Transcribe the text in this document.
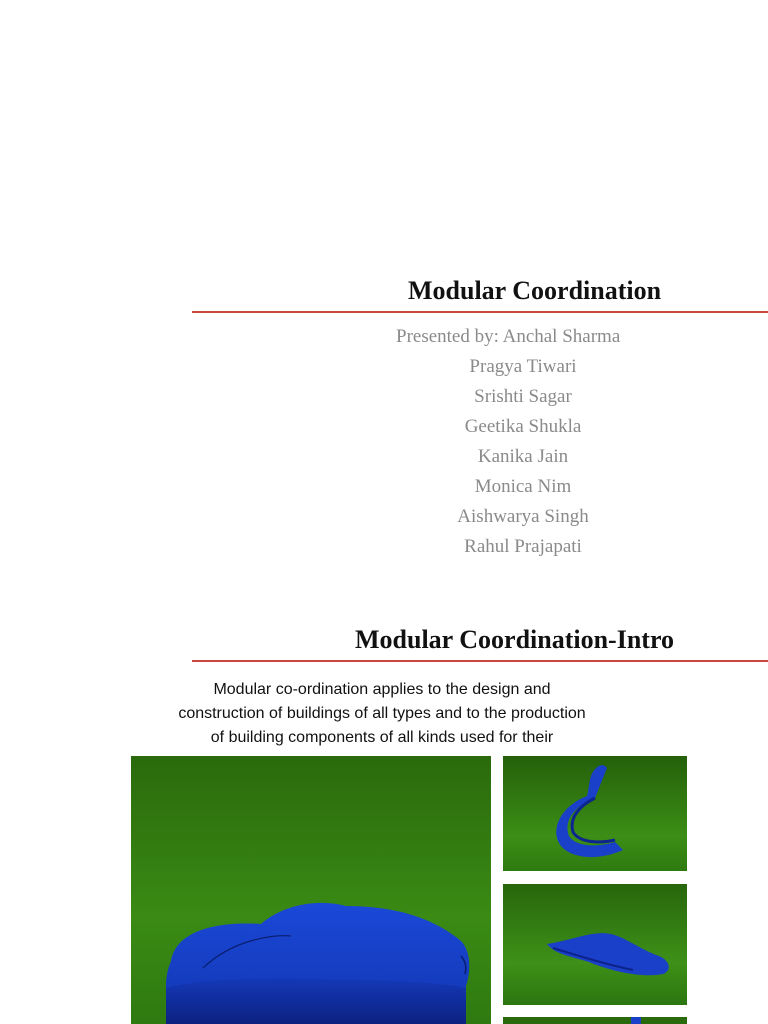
Modular Coordination
Presented by: Anchal Sharma
Pragya Tiwari
Srishti Sagar
Geetika Shukla
Kanika Jain
Monica Nim
Aishwarya Singh
Rahul Prajapati
Modular Coordination-Intro

Modular co-ordination applies to the design and
construction of buildings of all types and to the production
of building components of all kinds used for their
